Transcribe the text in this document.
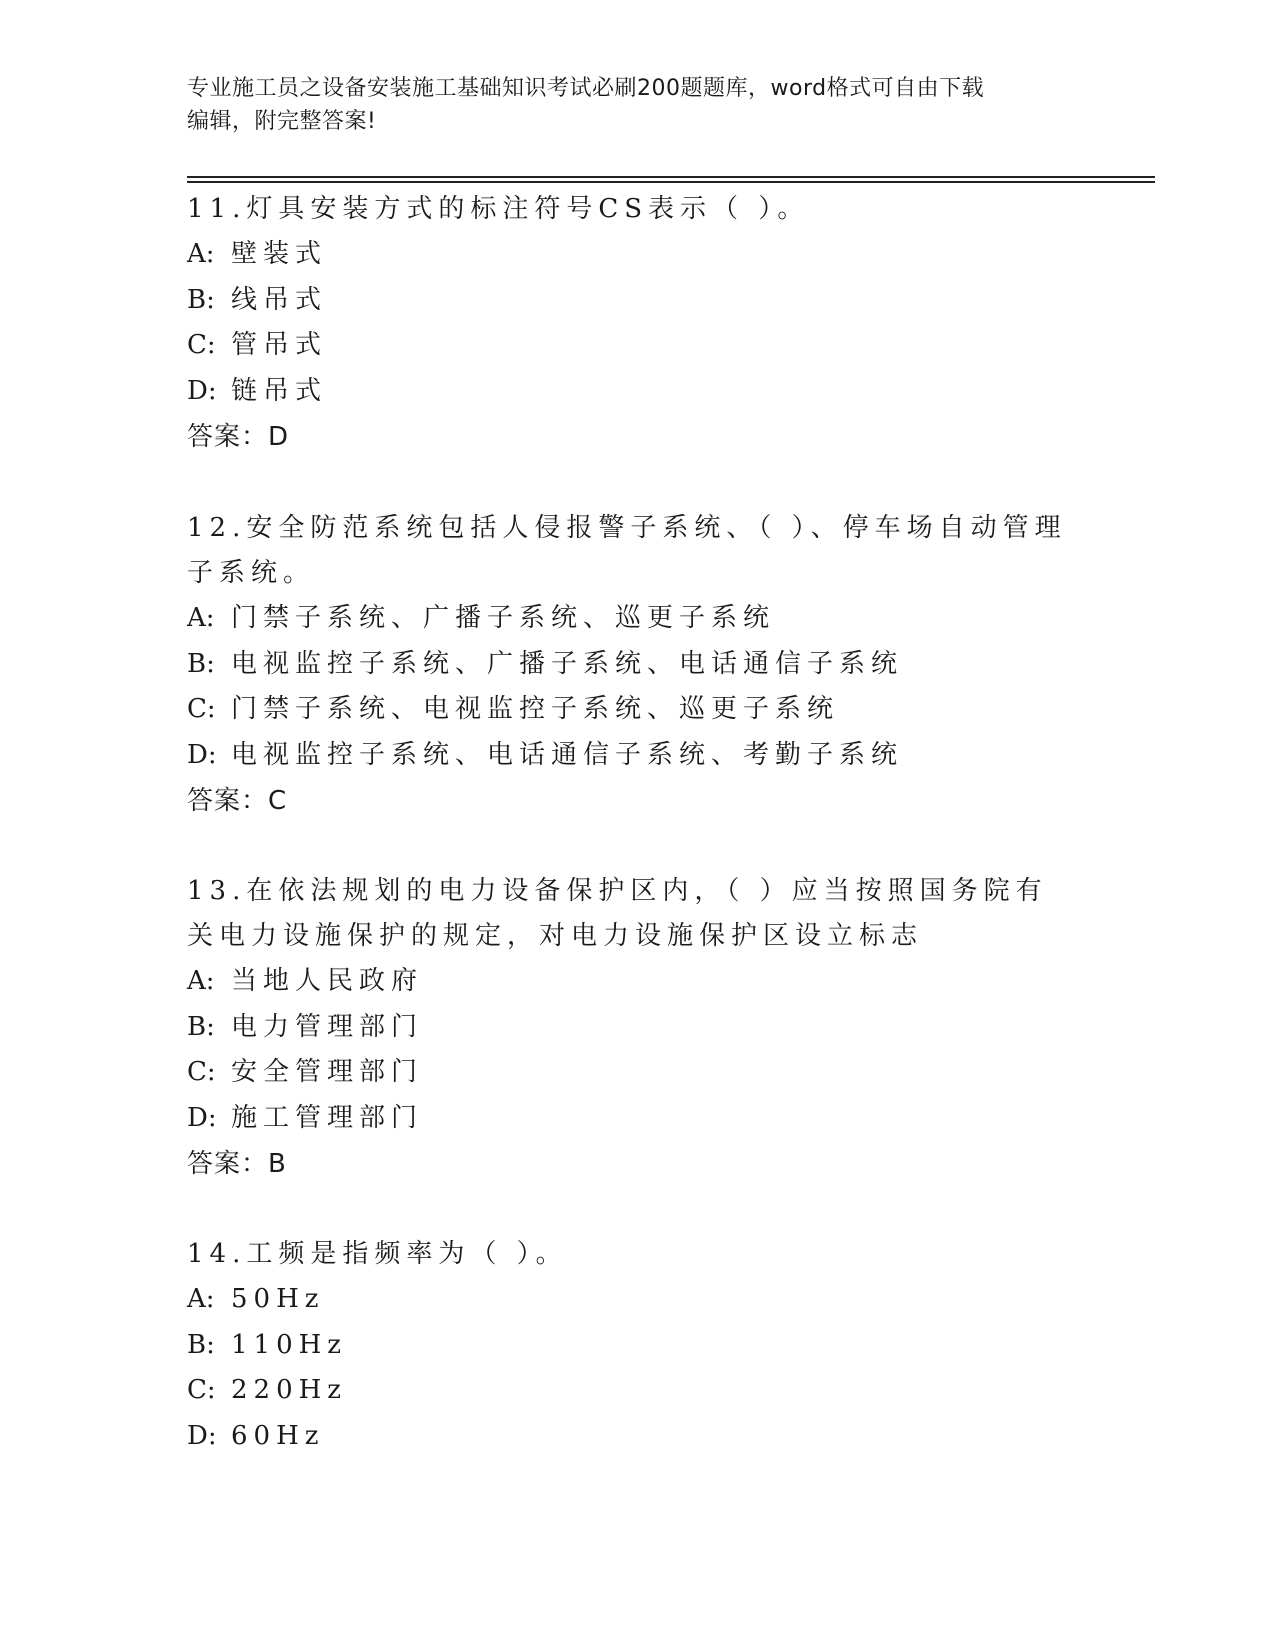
专业施工员之设备安装施工基础知识考试必刷200题题库，word格式可自由下载
编辑，附完整答案!

11.灯具安装方式的标注符号CS表示（ ）。

A: 壁装式
B: 线吊式
C: 管吊式
D: 链吊式
答案：D

12.安全防范系统包括人侵报警子系统、（ ）、停车场自动管理子系统。

A: 门禁子系统、广播子系统、巡更子系统
B: 电视监控子系统、广播子系统、电话通信子系统
C: 门禁子系统、电视监控子系统、巡更子系统
D: 电视监控子系统、电话通信子系统、考勤子系统
答案：C

13.在依法规划的电力设备保护区内，（ ）应当按照国务院有关电力设施保护的规定，对电力设施保护区设立标志

A: 当地人民政府
B: 电力管理部门
C: 安全管理部门
D: 施工管理部门
答案：B

14.工频是指频率为（ ）。

A: 50Hz
B: 110Hz
C: 220Hz
D: 60Hz
